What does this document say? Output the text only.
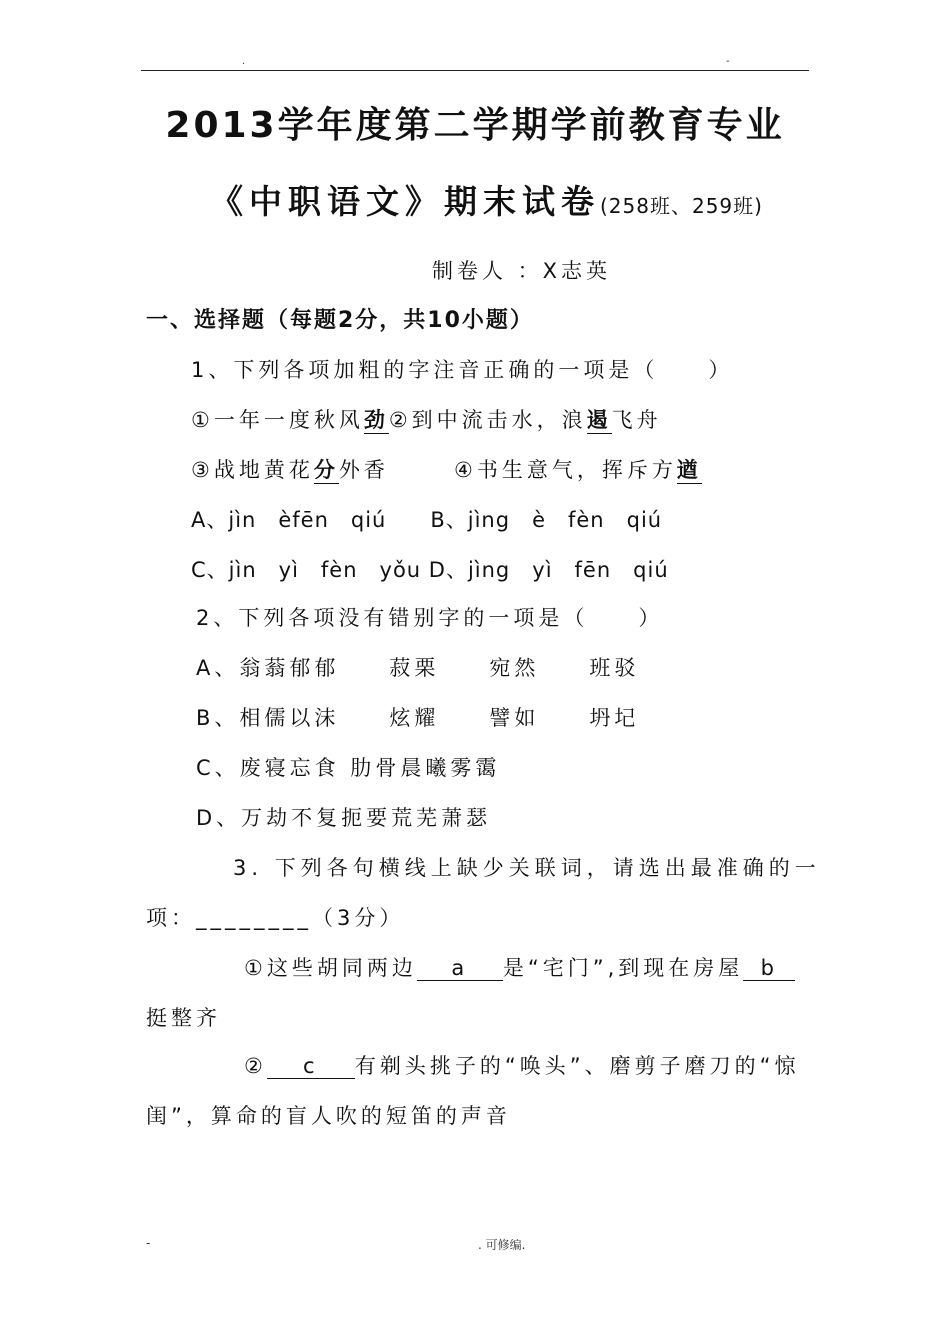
.	-
2013学年度第二学期学前教育专业
《中职语文》期末试卷(258班、259班)
制卷人 ：X志英
一、选择题（每题2分，共10小题）
1、下列各项加粗的字注音正确的一项是（　　）
①一年一度秋风劲②到中流击水，浪遏飞舟
③战地黄花分外香	④书生意气，挥斥方遒
A、jìn　èfēn　qiú　　B、jìng　è　fèn　qiú
C、jìn　yì　fèn　yǒu D、jìng　yì　fēn　qiú
2、下列各项没有错别字的一项是（　　）
A、翁蓊郁郁　　菽栗　　宛然　　班驳
B、相儒以沫　　炫耀　　譬如　　坍圮
C、废寝忘食 肋骨晨曦雾霭
D、万劫不复扼要荒芜萧瑟
3. 下列各句横线上缺少关联词，请选出最准确的一
项：________（3分）
①这些胡同两边 a 是“宅门”,到现在房屋 b
挺整齐
② c 有剃头挑子的“唤头”、磨剪子磨刀的“惊
闺”，算命的盲人吹的短笛的声音
-	. 可修编.
